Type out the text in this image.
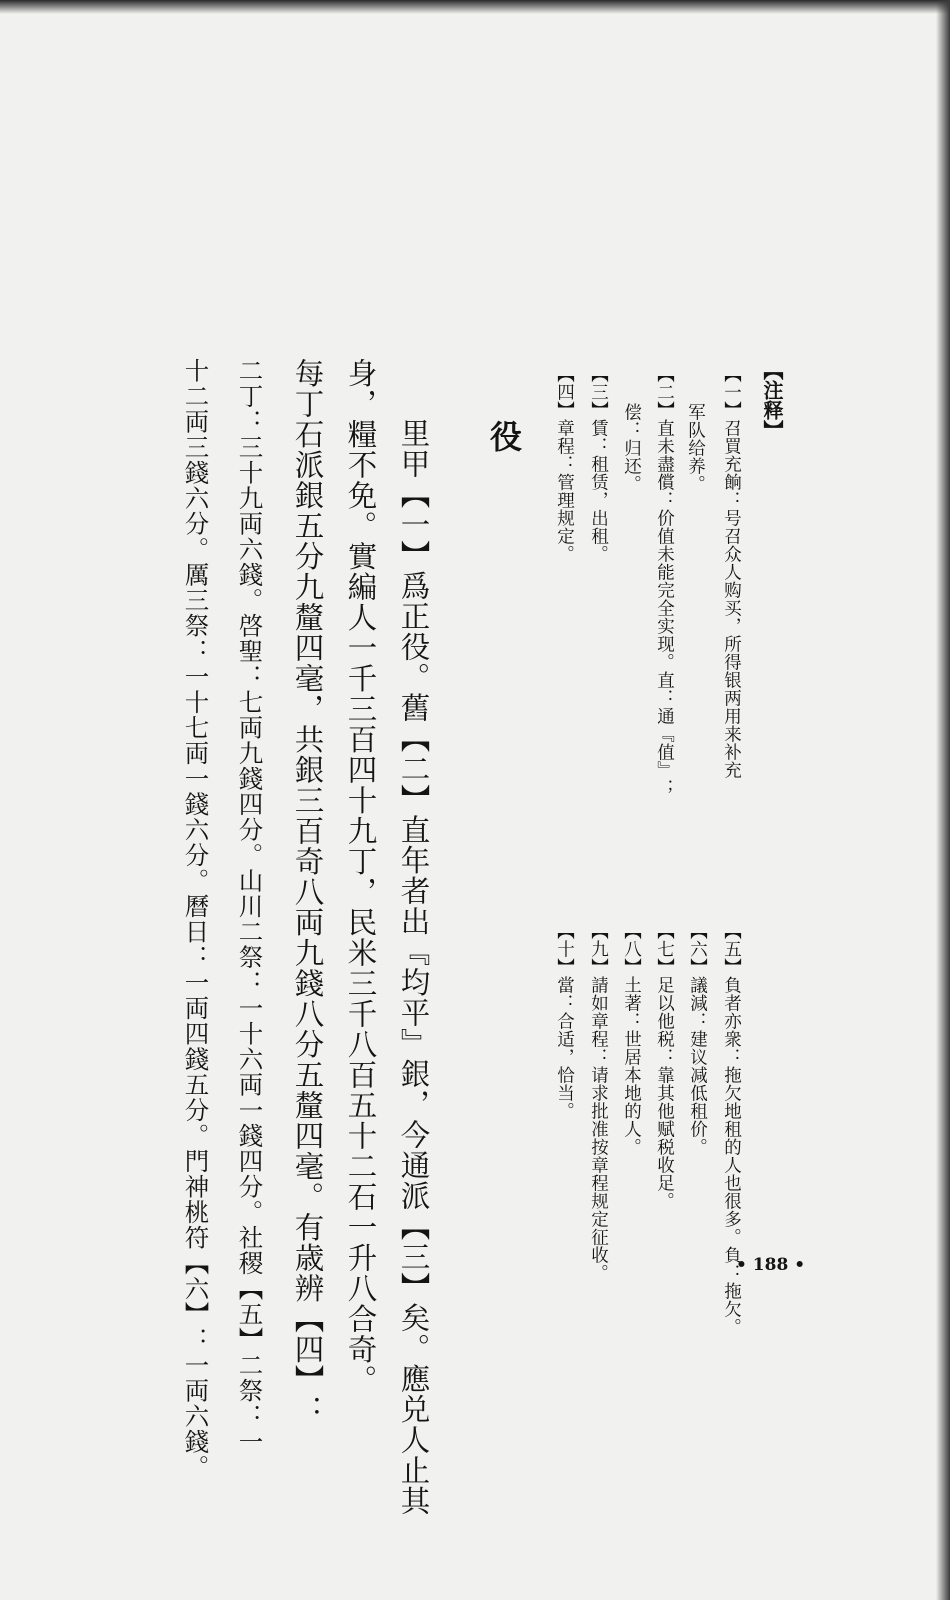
【注释】
【一】召買充餉：号召众人购买，所得银两用来补充
军队给养。
【二】直未盡償：价值未能完全实现。直：通『值』；
偿：归还。
【三】賃：租赁，出租。
【四】章程：管理规定。
【五】負者亦衆：拖欠地租的人也很多。負：拖欠。
【六】議減：建议减低租价。
【七】足以他税：靠其他赋税收足。
【八】土著：世居本地的人。
【九】請如章程：请求批准按章程规定征收。
【十】當：合适，恰当。
役
里甲【一】爲正役。舊【二】直年者出『均平』銀，今通派【三】矣。應兑人止其
身，糧不免。實編人一千三百四十九丁，民米三千八百五十二石一升八合奇。
每丁石派銀五分九釐四毫，共銀三百奇八両九錢八分五釐四毫。有歳辨【四】：
二丁：三十九両六錢。啓聖：七両九錢四分。山川二祭：一十六両一錢四分。社稷【五】二祭：一
十二両三錢六分。厲三祭：一十七両一錢六分。曆日：一両四錢五分。門神桃符【六】：一両六錢。	• 188 •
